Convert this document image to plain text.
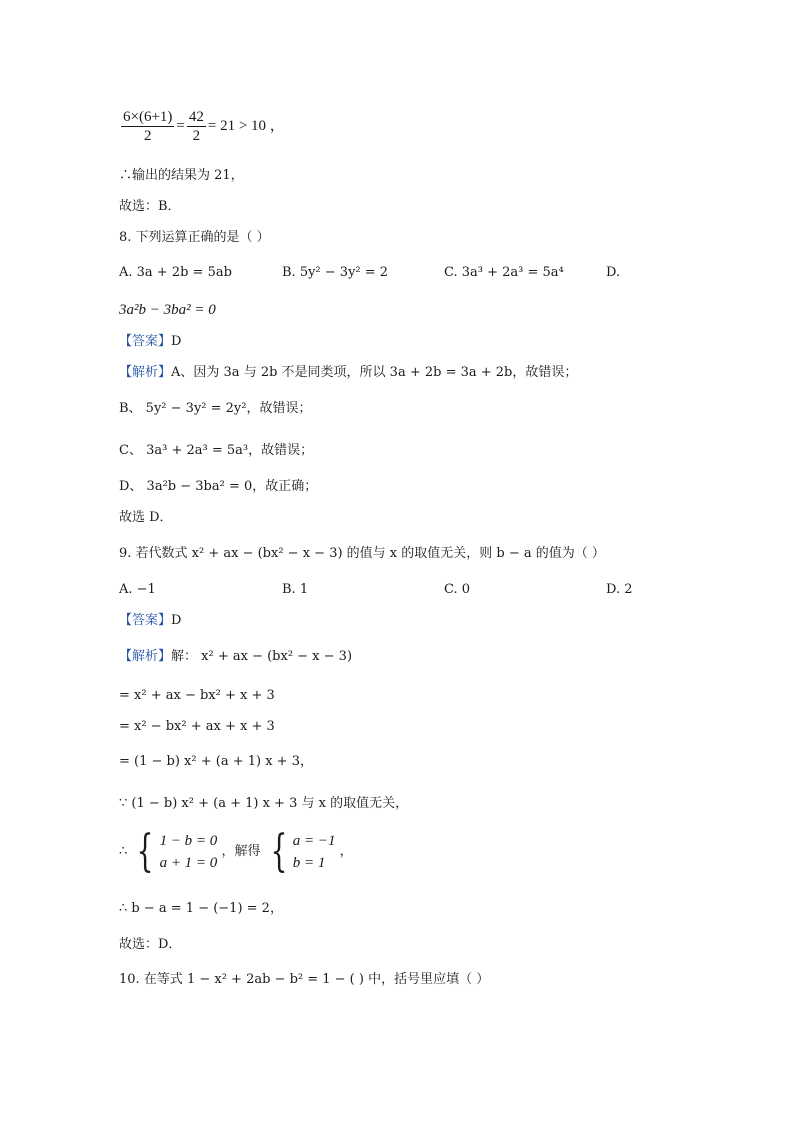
$\frac{6\times(6+1)}{2} = \frac{42}{2} = 21 > 10$ ，
∴输出的结果为 21，
故选：B．
8. 下列运算正确的是（ ）
A. 3a + 2b = 5ab	B. 5y² − 3y² = 2	C. 3a³ + 2a³ = 5a⁴	D.
3a²b − 3ba² = 0
【答案】D
【解析】A、因为 3a 与 2b 不是同类项，所以 3a + 2b = 3a + 2b，故错误；
B、 5y² − 3y² = 2y²，故错误；
C、 3a³ + 2a³ = 5a³，故错误；
D、 3a²b − 3ba² = 0，故正确；
故选 D．
9. 若代数式 x² + ax − (bx² − x − 3) 的值与 x 的取值无关，则 b − a 的值为（ ）
A. −1	B. 1	C. 0	D. 2
【答案】D
【解析】解： x² + ax − (bx² − x − 3)
= x² + ax − bx² + x + 3
= x² − bx² + ax + x + 3
= (1 − b) x² + (a + 1) x + 3，
∵ (1 − b) x² + (a + 1) x + 3 与 x 的取值无关，
∴ { 1 − b = 0
a + 1 = 0
，解得 { a = −1
b = 1
，
∴ b − a = 1 − (−1) = 2，
故选：D．
10. 在等式 1 − x² + 2ab − b² = 1 − ( ) 中，括号里应填（ ）
